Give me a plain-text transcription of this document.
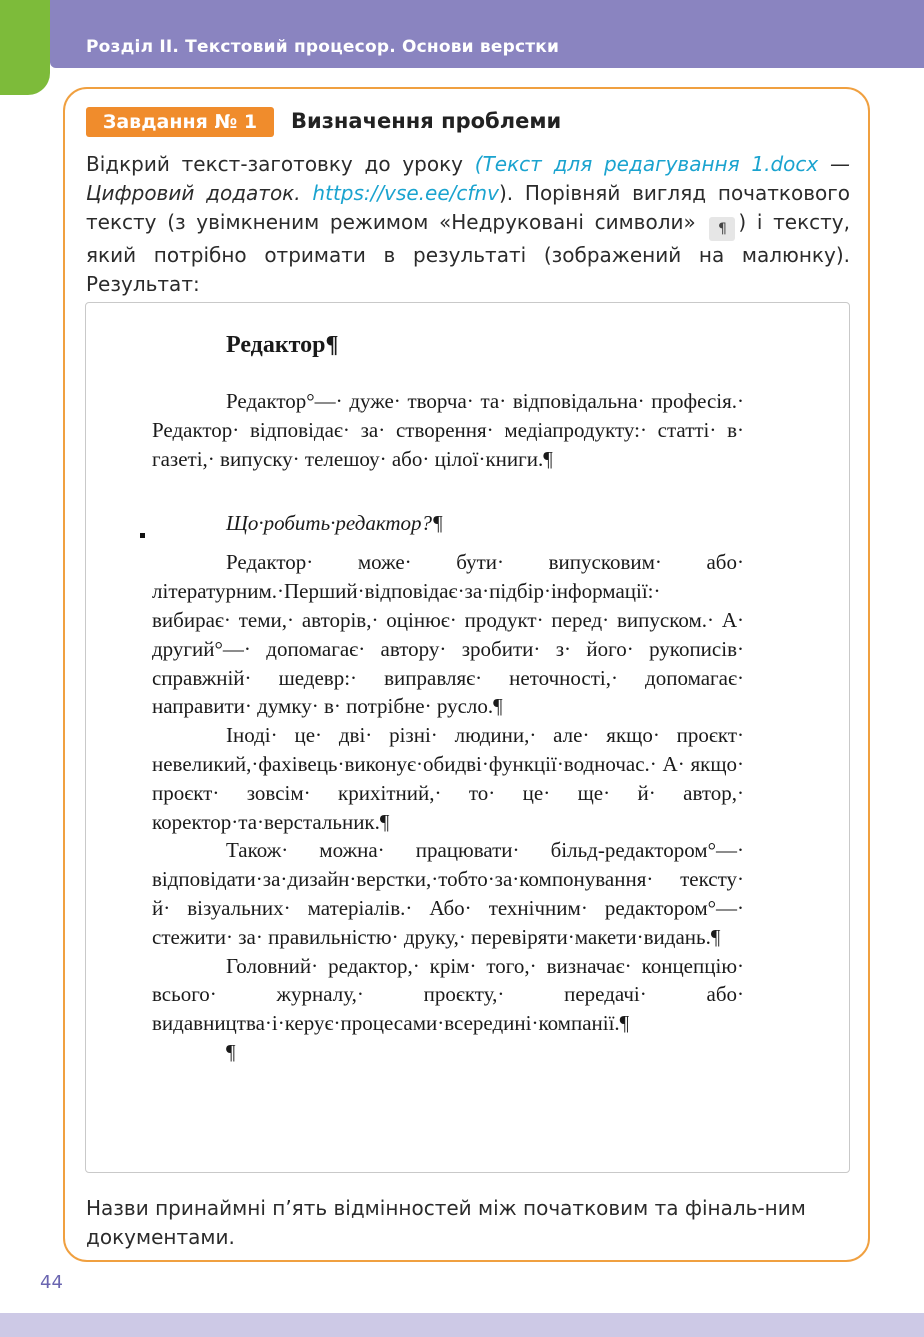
Розділ ІІ. Текстовий процесор. Основи верстки
Завдання № 1	Визначення проблеми
Відкрий текст-заготовку до уроку (Текст для редагування 1.docx — Цифровий додаток. https://vse.ee/cfnv). Порівняй вигляд початкового тексту (з увімкненим режимом «Недруковані символи» ¶ ) і тексту, який потрібно отримати в результаті (зображений на малюнку). Результат:
Редактор¶

Редактор°—· дуже· творча· та· відповідальна· професія.· Редактор· відповідає· за· створення· медіапродукту:· статті· в· газеті,· випуску· телешоу· або· цілої·книги.¶

Що·робить·редактор?¶

Редактор· може· бути· випусковим· або· літературним.·Перший·відповідає·за·підбір·інформації:· вибирає· теми,· авторів,· оцінює· продукт· перед· випуском.· А· другий°—· допомагає· автору· зробити· з· його· рукописів· справжній· шедевр:· виправляє· неточності,· допомагає· направити· думку· в· потрібне· русло.¶

Іноді· це· дві· різні· людини,· але· якщо· проєкт· невеликий,·фахівець·виконує·обидві·функції·водночас.· А· якщо· проєкт· зовсім· крихітний,· то· це· ще· й· автор,· коректор·та·верстальник.¶

Також· можна· працювати· більд-редактором°—· відповідати·за·дизайн·верстки,·тобто·за·компонування· тексту· й· візуальних· матеріалів.· Або· технічним· редактором°—· стежити· за· правильністю· друку,· перевіряти·макети·видань.¶

Головний· редактор,· крім· того,· визначає· концепцію· всього· журналу,· проєкту,· передачі· або· видавництва·і·керує·процесами·всередині·компанії.¶

¶
Назви принаймні п’ять відмінностей між початковим та фіналь-ним документами.
44
